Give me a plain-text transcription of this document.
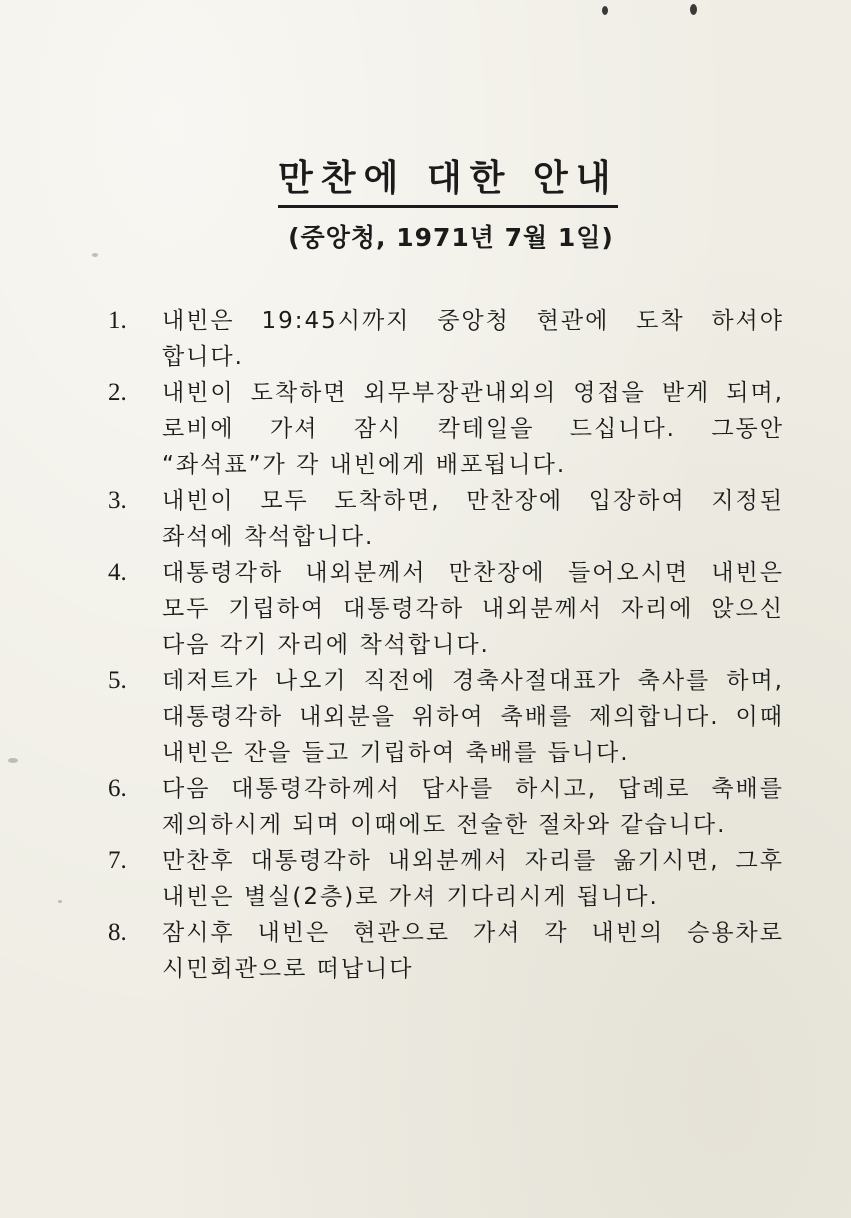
만찬에 대한 안내
(중앙청, 1971년 7월 1일)
1.	내빈은 19:45시까지 중앙청 현관에 도착 하셔야 합니다.
2.	내빈이 도착하면 외무부장관내외의 영접을 받게 되며, 로비에 가셔 잠시 칵테일을 드십니다. 그동안 “좌석표”가 각 내빈에게 배포됩니다.
3.	내빈이 모두 도착하면, 만찬장에 입장하여 지정된 좌석에 착석합니다.
4.	대통령각하 내외분께서 만찬장에 들어오시면 내빈은 모두 기립하여 대통령각하 내외분께서 자리에 앉으신 다음 각기 자리에 착석합니다.
5.	데저트가 나오기 직전에 경축사절대표가 축사를 하며, 대통령각하 내외분을 위하여 축배를 제의합니다. 이때 내빈은 잔을 들고 기립하여 축배를 듭니다.
6.	다음 대통령각하께서 답사를 하시고, 답례로 축배를 제의하시게 되며 이때에도 전술한 절차와 같습니다.
7.	만찬후 대통령각하 내외분께서 자리를 옮기시면, 그후 내빈은 별실(2층)로 가셔 기다리시게 됩니다.
8.	잠시후 내빈은 현관으로 가셔 각 내빈의 승용차로 시민회관으로 떠납니다
